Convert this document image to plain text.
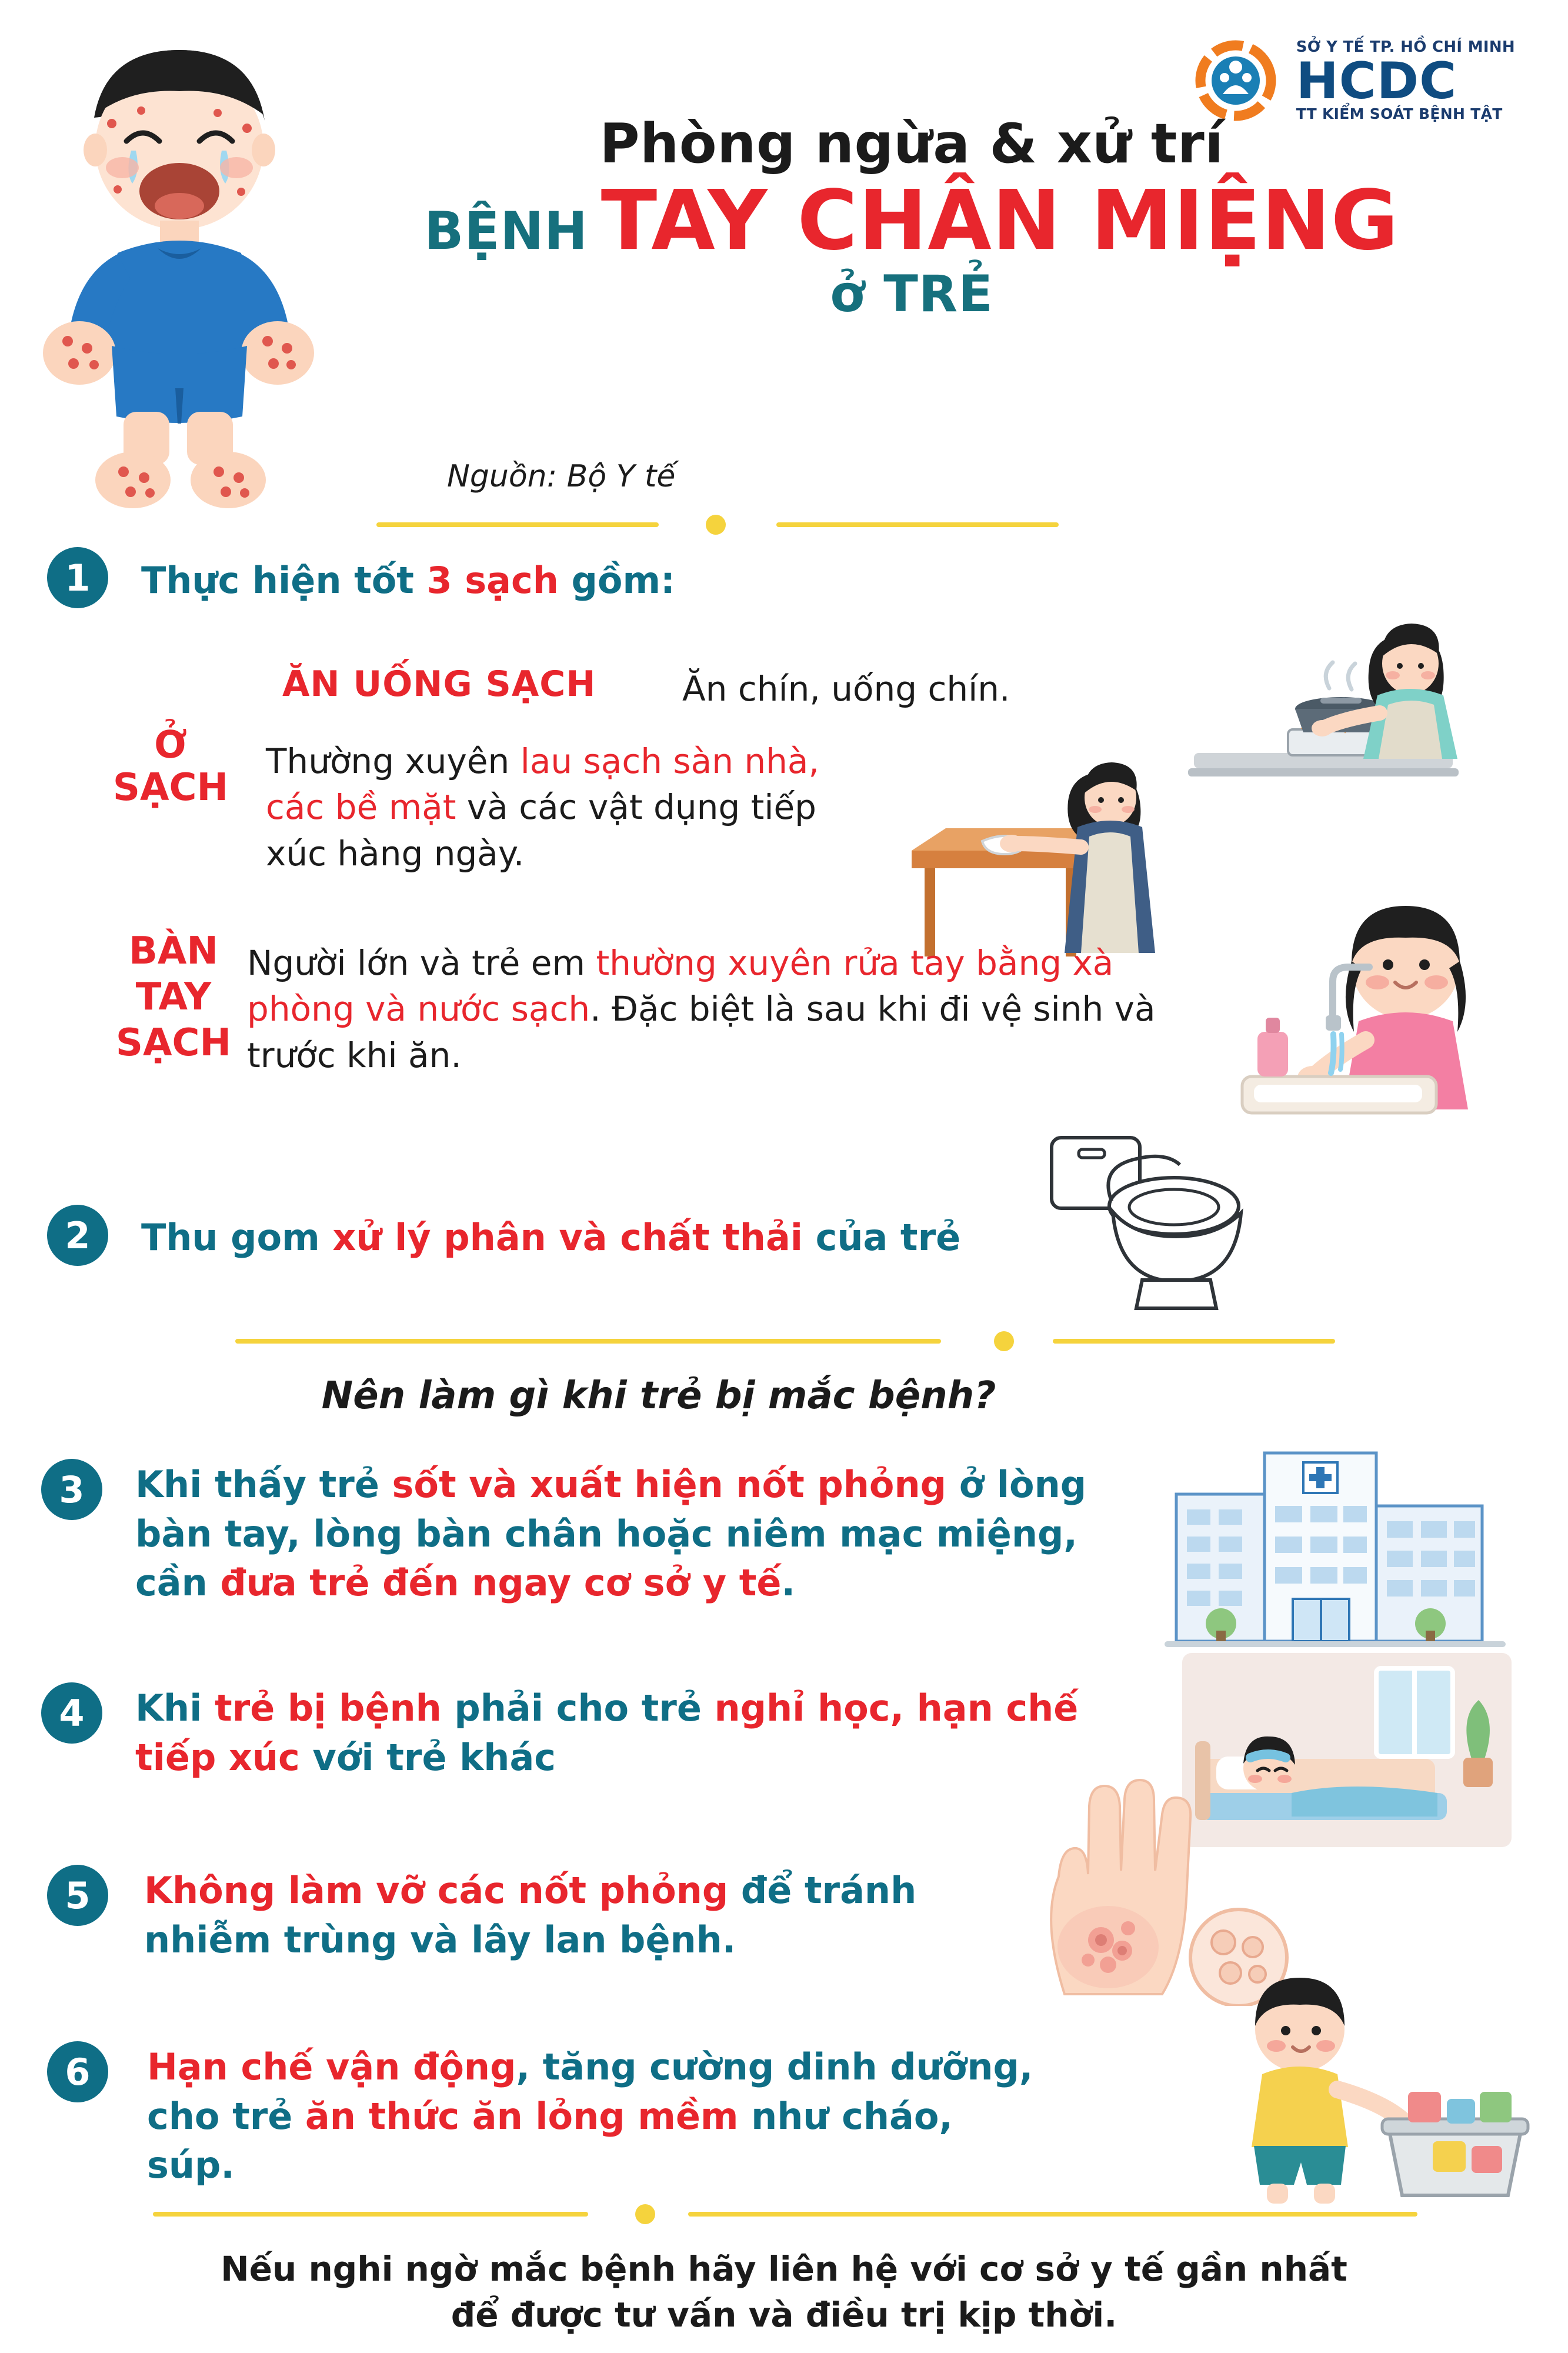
SỞ Y TẾ TP. HỒ CHÍ MINH
HCDC
TT KIỂM SOÁT BỆNH TẬT
Phòng ngừa & xử trí
BỆNH TAY CHÂN MIỆNG
ở TRẺ
Nguồn: Bộ Y tế
1	Thực hiện tốt 3 sạch gồm:
ĂN UỐNG SẠCH	Ăn chín, uống chín.
Ở
SẠCH
Thường xuyên lau sạch sàn nhà, các bề mặt và các vật dụng tiếp xúc hàng ngày.
BÀN
TAY
SẠCH
Người lớn và trẻ em thường xuyên rửa tay bằng xà phòng và nước sạch. Đặc biệt là sau khi đi vệ sinh và trước khi ăn.
2	Thu gom xử lý phân và chất thải của trẻ
Nên làm gì khi trẻ bị mắc bệnh?
3	Khi thấy trẻ sốt và xuất hiện nốt phỏng ở lòng bàn tay, lòng bàn chân hoặc niêm mạc miệng, cần đưa trẻ đến ngay cơ sở y tế.
4	Khi trẻ bị bệnh phải cho trẻ nghỉ học, hạn chế tiếp xúc với trẻ khác
5	Không làm vỡ các nốt phỏng để tránh nhiễm trùng và lây lan bệnh.
6	Hạn chế vận động, tăng cường dinh dưỡng, cho trẻ ăn thức ăn lỏng mềm như cháo, súp.
Nếu nghi ngờ mắc bệnh hãy liên hệ với cơ sở y tế gần nhất
để được tư vấn và điều trị kịp thời.
